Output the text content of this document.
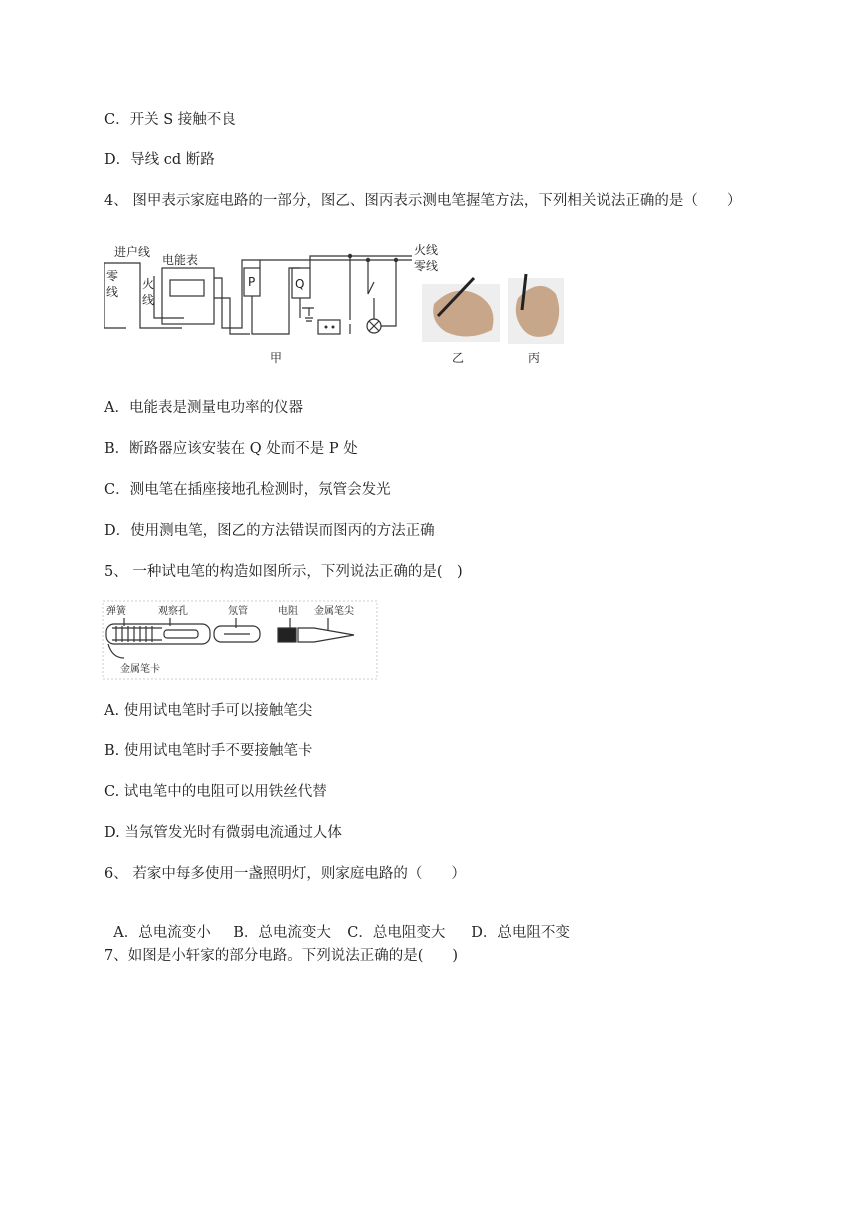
C．开关 S 接触不良
D．导线 cd 断路
4、 图甲表示家庭电路的一部分，图乙、图丙表示测电笔握笔方法，下列相关说法正确的是（　　）
进户线
零
线
火
线
电能表
P	Q
火线
零线
甲	乙	丙
A．电能表是测量电功率的仪器
B．断路器应该安装在 Q 处而不是 P 处
C．测电笔在插座接地孔检测时，氖管会发光
D．使用测电笔，图乙的方法错误而图丙的方法正确
5、 一种试电笔的构造如图所示，下列说法正确的是(　)
弹簧	观察孔	氖管	电阻 金属笔尖
金属笔卡
A. 使用试电笔时手可以接触笔尖
B. 使用试电笔时手不要接触笔卡
C. 试电笔中的电阻可以用铁丝代替
D. 当氖管发光时有微弱电流通过人体
6、 若家中每多使用一盏照明灯，则家庭电路的（　　）

A．总电流变小 B．总电流变大 C．总电阻变大 D．总电阻不变

7、如图是小轩家的部分电路。下列说法正确的是(　　)
